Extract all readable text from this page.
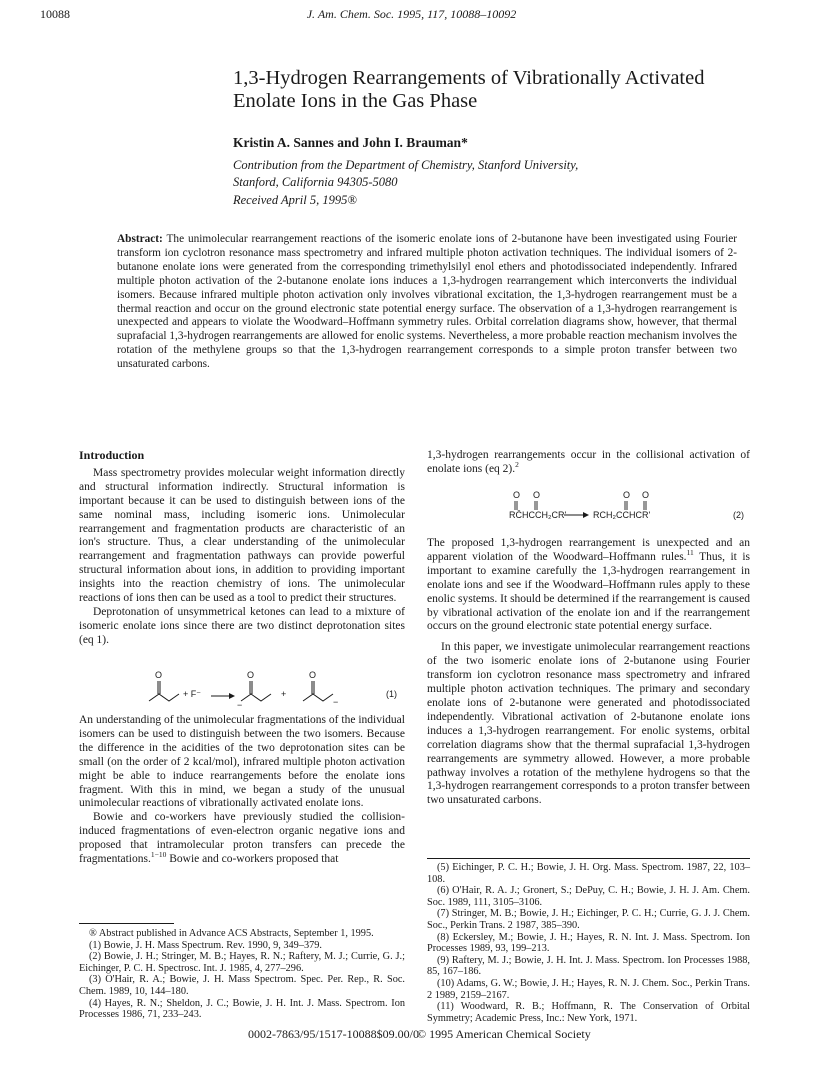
10088	J. Am. Chem. Soc. 1995, 117, 10088–10092
1,3-Hydrogen Rearrangements of Vibrationally Activated Enolate Ions in the Gas Phase
Kristin A. Sannes and John I. Brauman*
Contribution from the Department of Chemistry, Stanford University,
Stanford, California 94305-5080
Received April 5, 1995®
Abstract: The unimolecular rearrangement reactions of the isomeric enolate ions of 2-butanone have been investigated using Fourier transform ion cyclotron resonance mass spectrometry and infrared multiple photon activation techniques. The individual isomers of 2-butanone enolate ions were generated from the corresponding trimethylsilyl enol ethers and photodissociated independently. Infrared multiple photon activation of the 2-butanone enolate ions induces a 1,3-hydrogen rearrangement which interconverts the individual isomers. Because infrared multiple photon activation only involves vibrational excitation, the 1,3-hydrogen rearrangement must be a thermal reaction and occur on the ground electronic state potential energy surface. The observation of a 1,3-hydrogen rearrangement is unexpected and appears to violate the Woodward–Hoffmann symmetry rules. Orbital correlation diagrams show, however, that thermal suprafacial 1,3-hydrogen rearrangements are allowed for enolic systems. Nevertheless, a more probable reaction mechanism involves the rotation of the methylene groups so that the 1,3-hydrogen rearrangement corresponds to a simple proton transfer between two unsaturated carbons.
Introduction

Mass spectrometry provides molecular weight information directly and structural information indirectly. Structural information is important because it can be used to distinguish between ions of the same nominal mass, including isomeric ions. Unimolecular rearrangement and fragmentation products are characteristic of an ion's structure. Thus, a clear understanding of the unimolecular rearrangement and fragmentation pathways can provide powerful structural information about ions, in addition to providing important insights into the reaction chemistry of ions. The unimolecular reactions of ions then can be used as a tool to predict their structures.

Deprotonation of unsymmetrical ketones can lead to a mixture of isomeric enolate ions since there are two distinct deprotonation sites (eq 1).

O	O	O
−	−
+ F⁻	+	(1)

An understanding of the unimolecular fragmentations of the individual isomers can be used to distinguish between the two isomers. Because the difference in the acidities of the two deprotonation sites can be small (on the order of 2 kcal/mol), infrared multiple photon activation might be able to induce rearrangements before the enolate ions fragment. With this in mind, we began a study of the unusual unimolecular reactions of vibrationally activated enolate ions.

Bowie and co-workers have previously studied the collision-induced fragmentations of even-electron organic negative ions and proposed that intramolecular proton transfers can precede the fragmentations.$^{1-10}$ Bowie and co-workers proposed that

® Abstract published in Advance ACS Abstracts, September 1, 1995.
(1) Bowie, J. H. Mass Spectrum. Rev. 1990, 9, 349–379.
(2) Bowie, J. H.; Stringer, M. B.; Hayes, R. N.; Raftery, M. J.; Currie, G. J.; Eichinger, P. C. H. Spectrosc. Int. J. 1985, 4, 277–296.
(3) O'Hair, R. A.; Bowie, J. H. Mass Spectrom. Spec. Per. Rep., R. Soc. Chem. 1989, 10, 144–180.
(4) Hayes, R. N.; Sheldon, J. C.; Bowie, J. H. Int. J. Mass. Spectrom. Ion Processes 1986, 71, 233–243.

1,3-hydrogen rearrangements occur in the collisional activation of enolate ions (eq 2).$^2$

O O	O O
RC̄HCCH₂CR'	RCH₂CCHCR'	(2)

The proposed 1,3-hydrogen rearrangement is unexpected and an apparent violation of the Woodward–Hoffmann rules.$^{11}$ Thus, it is important to examine carefully the 1,3-hydrogen rearrangement in enolate ions and see if the Woodward–Hoffmann rules apply to these enolic systems. It should be determined if the rearrangement is caused by vibrational activation of the enolate ion and if the rearrangement occurs on the ground electronic state potential energy surface.

In this paper, we investigate unimolecular rearrangement reactions of the two isomeric enolate ions of 2-butanone using Fourier transform ion cyclotron resonance mass spectrometry and infrared multiple photon activation techniques. The primary and secondary enolate ions of 2-butanone were generated and photodissociated independently. Vibrational activation of 2-butanone enolate ions induces a 1,3-hydrogen rearrangement. For enolic systems, orbital correlation diagrams show that the thermal suprafacial 1,3-hydrogen rearrangements are symmetry allowed. However, a more probable pathway involves a rotation of the methylene hydrogens so that the 1,3-hydrogen rearrangement corresponds to a proton transfer between two unsaturated carbons.

(5) Eichinger, P. C. H.; Bowie, J. H. Org. Mass. Spectrom. 1987, 22, 103–108.
(6) O'Hair, R. A. J.; Gronert, S.; DePuy, C. H.; Bowie, J. H. J. Am. Chem. Soc. 1989, 111, 3105–3106.
(7) Stringer, M. B.; Bowie, J. H.; Eichinger, P. C. H.; Currie, G. J. J. Chem. Soc., Perkin Trans. 2 1987, 385–390.
(8) Eckersley, M.; Bowie, J. H.; Hayes, R. N. Int. J. Mass. Spectrom. Ion Processes 1989, 93, 199–213.
(9) Raftery, M. J.; Bowie, J. H. Int. J. Mass. Spectrom. Ion Processes 1988, 85, 167–186.
(10) Adams, G. W.; Bowie, J. H.; Hayes, R. N. J. Chem. Soc., Perkin Trans. 2 1989, 2159–2167.
(11) Woodward, R. B.; Hoffmann, R. The Conservation of Orbital Symmetry; Academic Press, Inc.: New York, 1971.
0002-7863/95/1517-10088$09.00/0
© 1995 American Chemical Society
